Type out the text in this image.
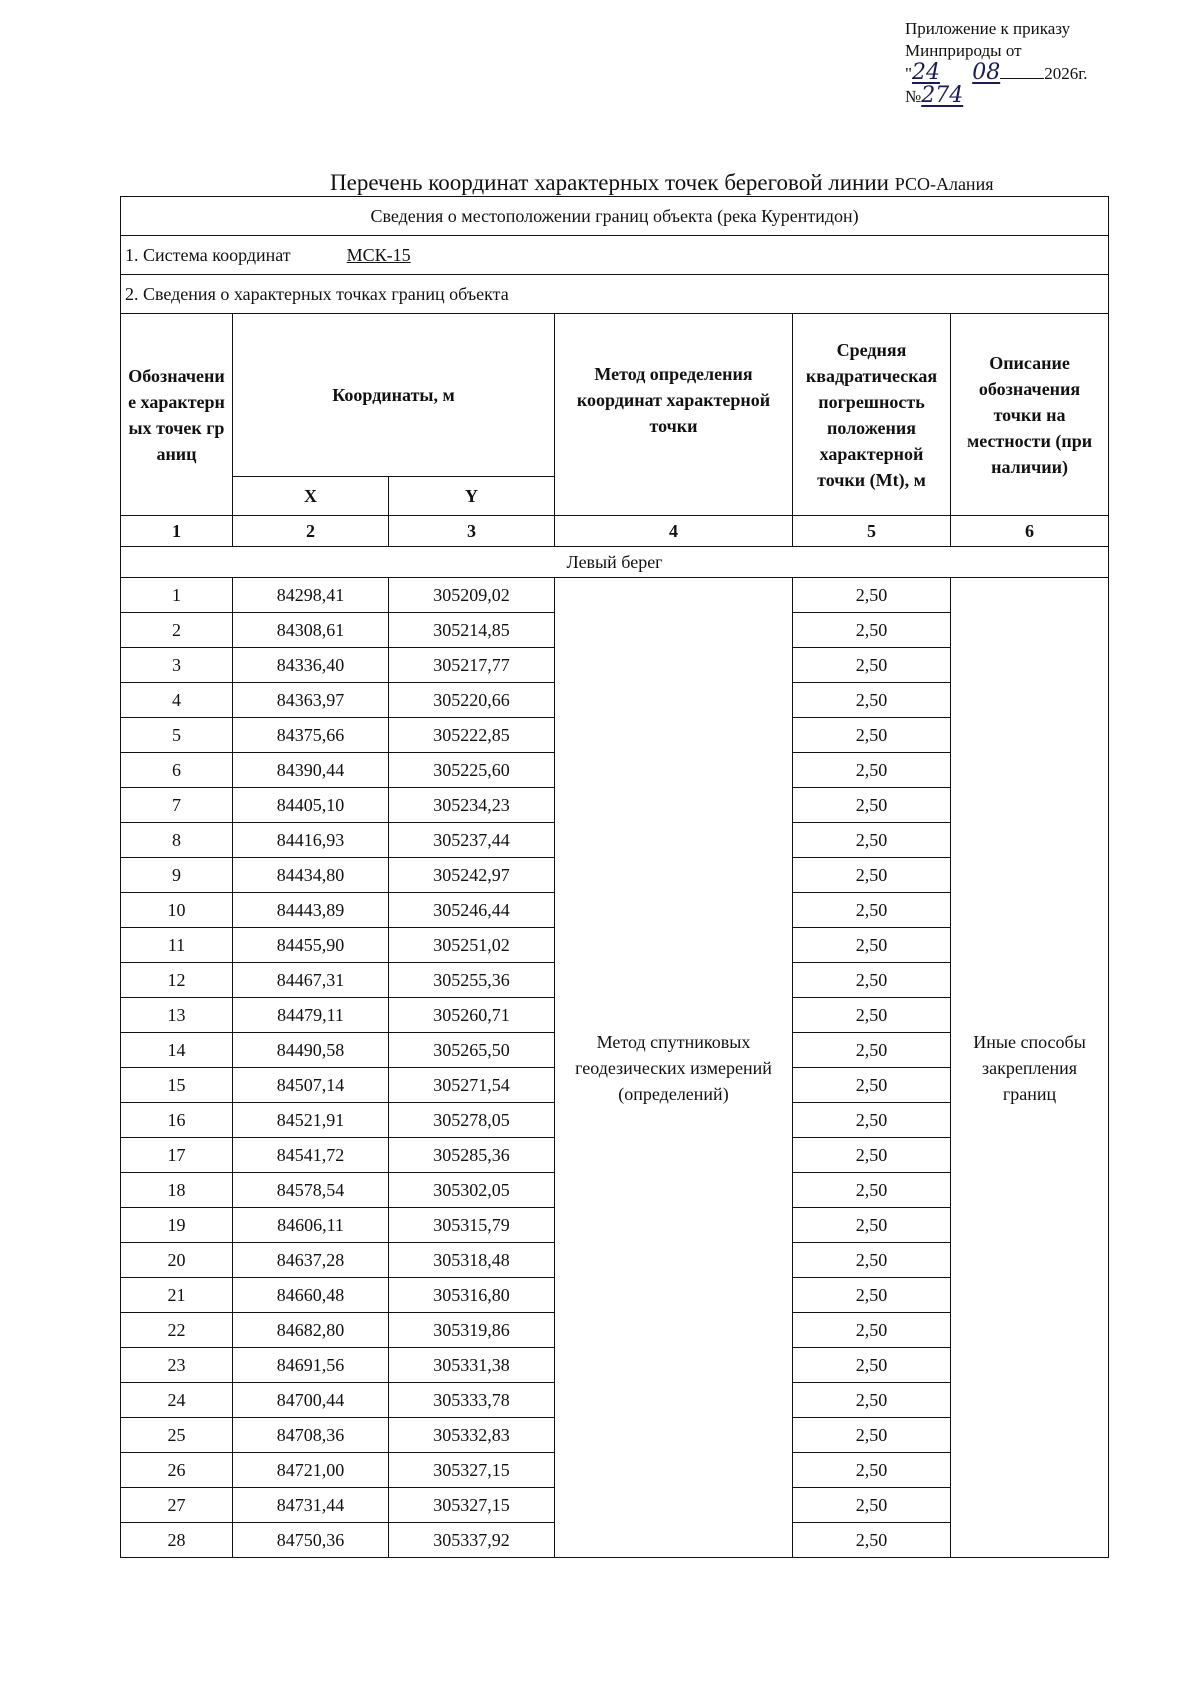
Приложение к приказу
Минприроды от
"24 08	2026г.
№274
Перечень координат характерных точек береговой линии РСО-Алания
Сведения о местоположении границ объекта (река Курентидон)					
1. Система координат МСК-15					
2. Сведения о характерных точках границ объекта					
Обозначение характерных точек границ	Координаты, м		Метод определения координат характерной точки	Средняя квадратическая погрешность положения характерной точки (Mt), м	Описание обозначения точки на местности (при наличии)
	X	Y			
1	2	3	4	5	6
Левый берег					
1	84298,41	305209,02	Метод спутниковых геодезических измерений (определений)	2,50	Иные способы закрепления границ
2	84308,61	305214,85		2,50	
3	84336,40	305217,77		2,50	
4	84363,97	305220,66		2,50	
5	84375,66	305222,85		2,50	
6	84390,44	305225,60		2,50	
7	84405,10	305234,23		2,50	
8	84416,93	305237,44		2,50	
9	84434,80	305242,97		2,50	
10	84443,89	305246,44		2,50	
11	84455,90	305251,02		2,50	
12	84467,31	305255,36		2,50	
13	84479,11	305260,71		2,50	
14	84490,58	305265,50		2,50	
15	84507,14	305271,54		2,50	
16	84521,91	305278,05		2,50	
17	84541,72	305285,36		2,50	
18	84578,54	305302,05		2,50	
19	84606,11	305315,79		2,50	
20	84637,28	305318,48		2,50	
21	84660,48	305316,80		2,50	
22	84682,80	305319,86		2,50	
23	84691,56	305331,38		2,50	
24	84700,44	305333,78		2,50	
25	84708,36	305332,83		2,50	
26	84721,00	305327,15		2,50	
27	84731,44	305327,15		2,50	
28	84750,36	305337,92		2,50	
